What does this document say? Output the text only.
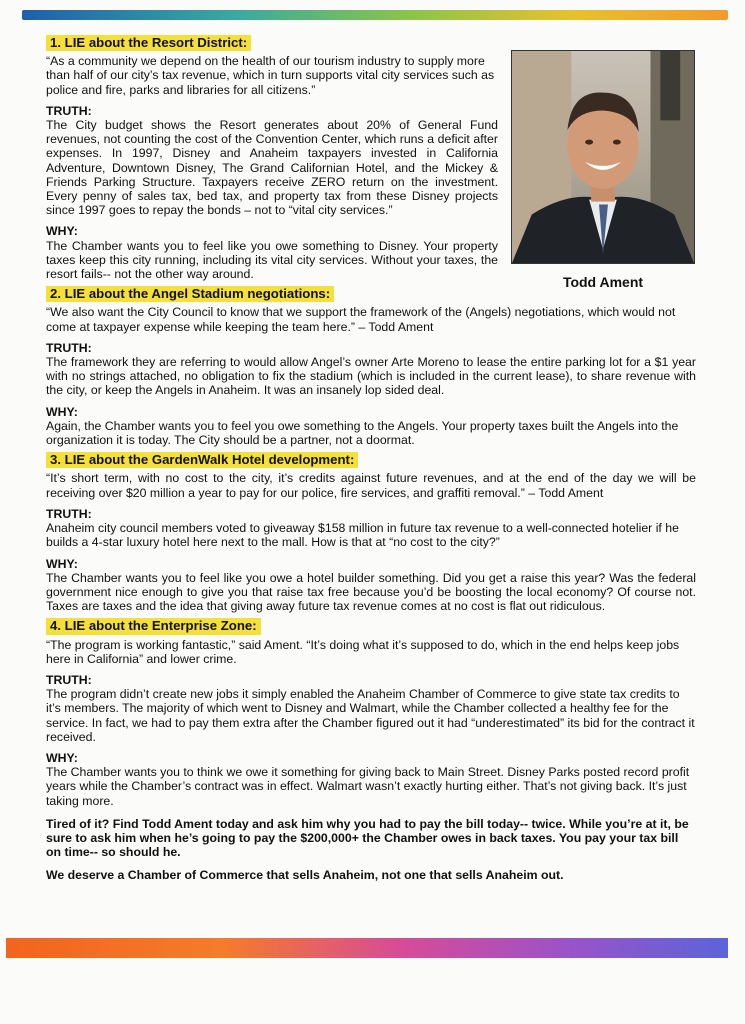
Todd Ament
1. LIE about the Resort District:

“As a community we depend on the health of our tourism industry to supply more than half of our city’s tax revenue, which in turn supports vital city services such as police and fire, parks and libraries for all citizens.”

TRUTH:

The City budget shows the Resort generates about 20% of General Fund revenues, not counting the cost of the Convention Center, which runs a deficit after expenses. In 1997, Disney and Anaheim taxpayers invested in California Adventure, Downtown Disney, The Grand Californian Hotel, and the Mickey & Friends Parking Structure. Taxpayers receive ZERO return on the investment. Every penny of sales tax, bed tax, and property tax from these Disney projects since 1997 goes to repay the bonds – not to “vital city services.”

WHY:

The Chamber wants you to feel like you owe something to Disney. Your property taxes keep this city running, including its vital city services. Without your taxes, the resort fails-- not the other way around.

2. LIE about the Angel Stadium negotiations:

“We also want the City Council to know that we support the framework of the (Angels) negotiations, which would not come at taxpayer expense while keeping the team here.” – Todd Ament

TRUTH:

The framework they are referring to would allow Angel’s owner Arte Moreno to lease the entire parking lot for a $1 year with no strings attached, no obligation to fix the stadium (which is included in the current lease), to share revenue with the city, or keep the Angels in Anaheim. It was an insanely lop sided deal.

WHY:

Again, the Chamber wants you to feel you owe something to the Angels. Your property taxes built the Angels into the organization it is today. The City should be a partner, not a doormat.

3. LIE about the GardenWalk Hotel development:

“It’s short term, with no cost to the city, it’s credits against future revenues, and at the end of the day we will be receiving over $20 million a year to pay for our police, fire services, and graffiti removal.” – Todd Ament

TRUTH:

Anaheim city council members voted to giveaway $158 million in future tax revenue to a well-connected hotelier if he builds a 4-star luxury hotel here next to the mall. How is that at “no cost to the city?”

WHY:

The Chamber wants you to feel like you owe a hotel builder something. Did you get a raise this year? Was the federal government nice enough to give you that raise tax free because you’d be boosting the local economy? Of course not. Taxes are taxes and the idea that giving away future tax revenue comes at no cost is flat out ridiculous.

4. LIE about the Enterprise Zone:

“The program is working fantastic,” said Ament. “It’s doing what it’s supposed to do, which in the end helps keep jobs here in California” and lower crime.

TRUTH:

The program didn’t create new jobs it simply enabled the Anaheim Chamber of Commerce to give state tax credits to it’s members. The majority of which went to Disney and Walmart, while the Chamber collected a healthy fee for the service. In fact, we had to pay them extra after the Chamber figured out it had “underestimated” its bid for the contract it received.

WHY:

The Chamber wants you to think we owe it something for giving back to Main Street. Disney Parks posted record profit years while the Chamber’s contract was in effect. Walmart wasn’t exactly hurting either. That’s not giving back. It’s just taking more.

Tired of it? Find Todd Ament today and ask him why you had to pay the bill today-- twice. While you’re at it, be sure to ask him when he’s going to pay the $200,000+ the Chamber owes in back taxes. You pay your tax bill on time-- so should he.

We deserve a Chamber of Commerce that sells Anaheim, not one that sells Anaheim out.
